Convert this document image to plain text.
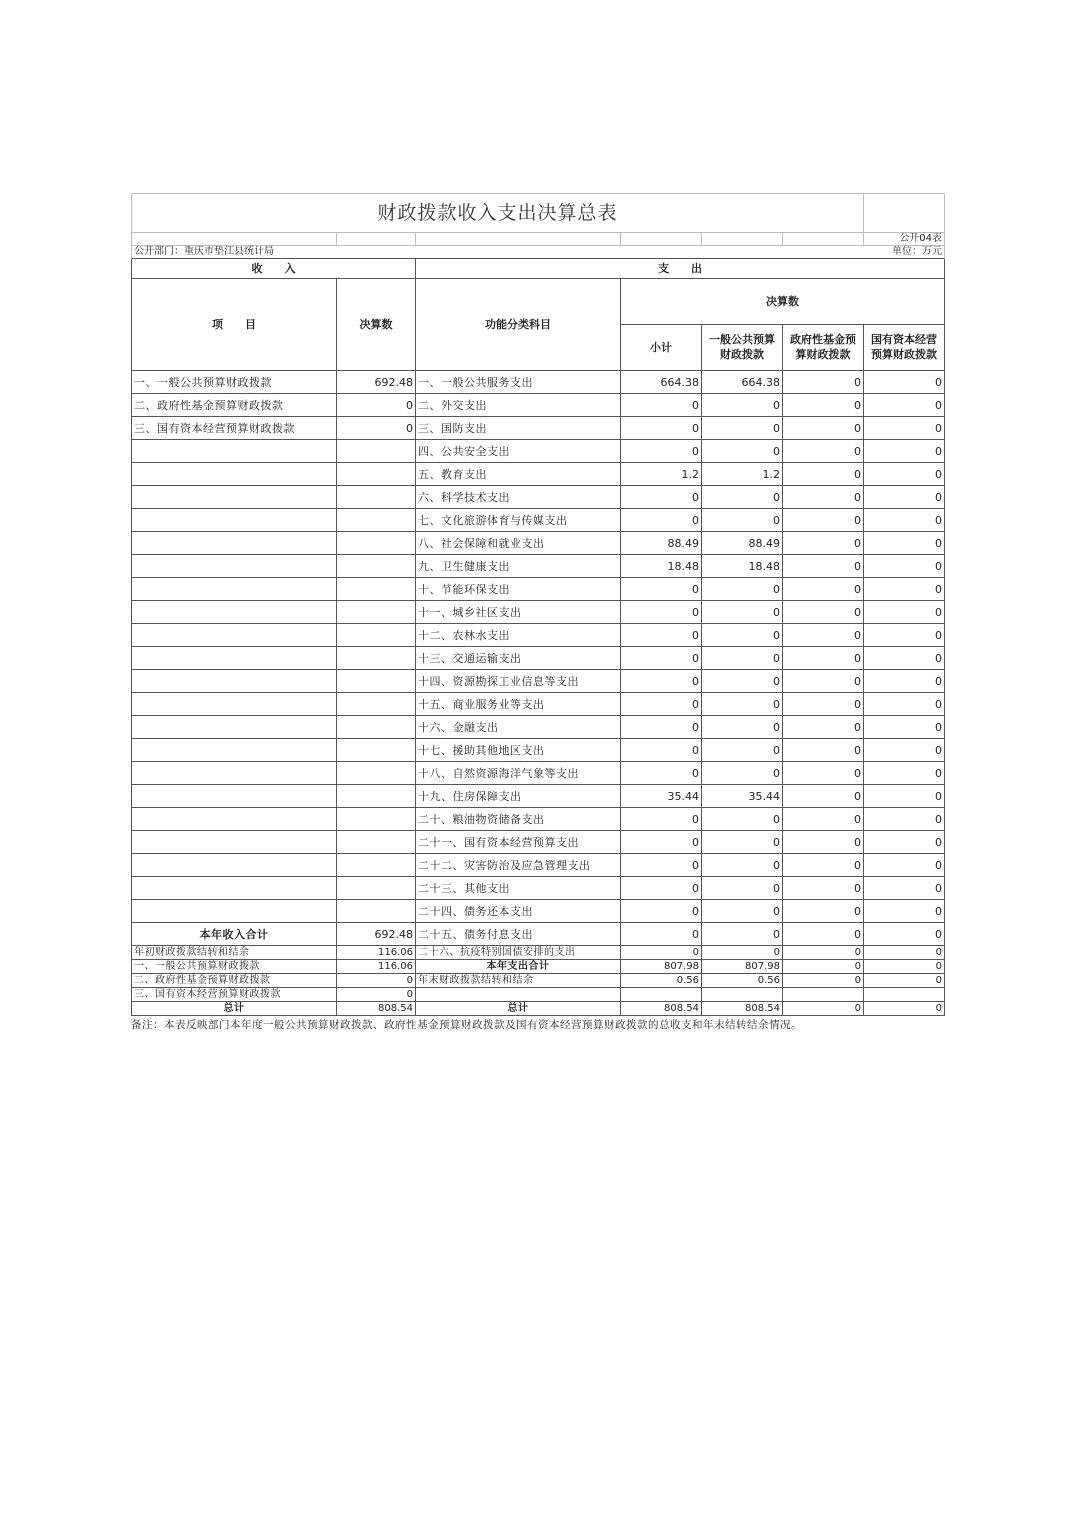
财政拨款收入支出决算总表						

						公开04表
公开部门：重庆市垫江县统计局						单位：万元
收　　入		支　　出				
项　　目	决算数	功能分类科目	决算数			
			小计	一般公共预算财政拨款	政府性基金预算财政拨款	国有资本经营预算财政拨款
一、一般公共预算财政拨款	692.48	一、一般公共服务支出	664.38	664.38	0	0
二、政府性基金预算财政拨款	0	二、外交支出	0	0	0	0
三、国有资本经营预算财政拨款	0	三、国防支出	0	0	0	0
		四、公共安全支出	0	0	0	0
		五、教育支出	1.2	1.2	0	0
		六、科学技术支出	0	0	0	0
		七、文化旅游体育与传媒支出	0	0	0	0
		八、社会保障和就业支出	88.49	88.49	0	0
		九、卫生健康支出	18.48	18.48	0	0
		十、节能环保支出	0	0	0	0
		十一、城乡社区支出	0	0	0	0
		十二、农林水支出	0	0	0	0
		十三、交通运输支出	0	0	0	0
		十四、资源勘探工业信息等支出	0	0	0	0
		十五、商业服务业等支出	0	0	0	0
		十六、金融支出	0	0	0	0
		十七、援助其他地区支出	0	0	0	0
		十八、自然资源海洋气象等支出	0	0	0	0
		十九、住房保障支出	35.44	35.44	0	0
		二十、粮油物资储备支出	0	0	0	0
		二十一、国有资本经营预算支出	0	0	0	0
		二十二、灾害防治及应急管理支出	0	0	0	0
		二十三、其他支出	0	0	0	0
		二十四、债务还本支出	0	0	0	0
本年收入合计	692.48	二十五、债务付息支出	0	0	0	0
年初财政拨款结转和结余	116.06	二十六、抗疫特别国债安排的支出	0	0	0	0
一、一般公共预算财政拨款	116.06	本年支出合计	807.98	807.98	0	0
二、政府性基金预算财政拨款	0	年末财政拨款结转和结余	0.56	0.56	0	0
三、国有资本经营预算财政拨款	0					
总计	808.54	总计	808.54	808.54	0	0
备注：本表反映部门本年度一般公共预算财政拨款、政府性基金预算财政拨款及国有资本经营预算财政拨款的总收支和年末结转结余情况。
